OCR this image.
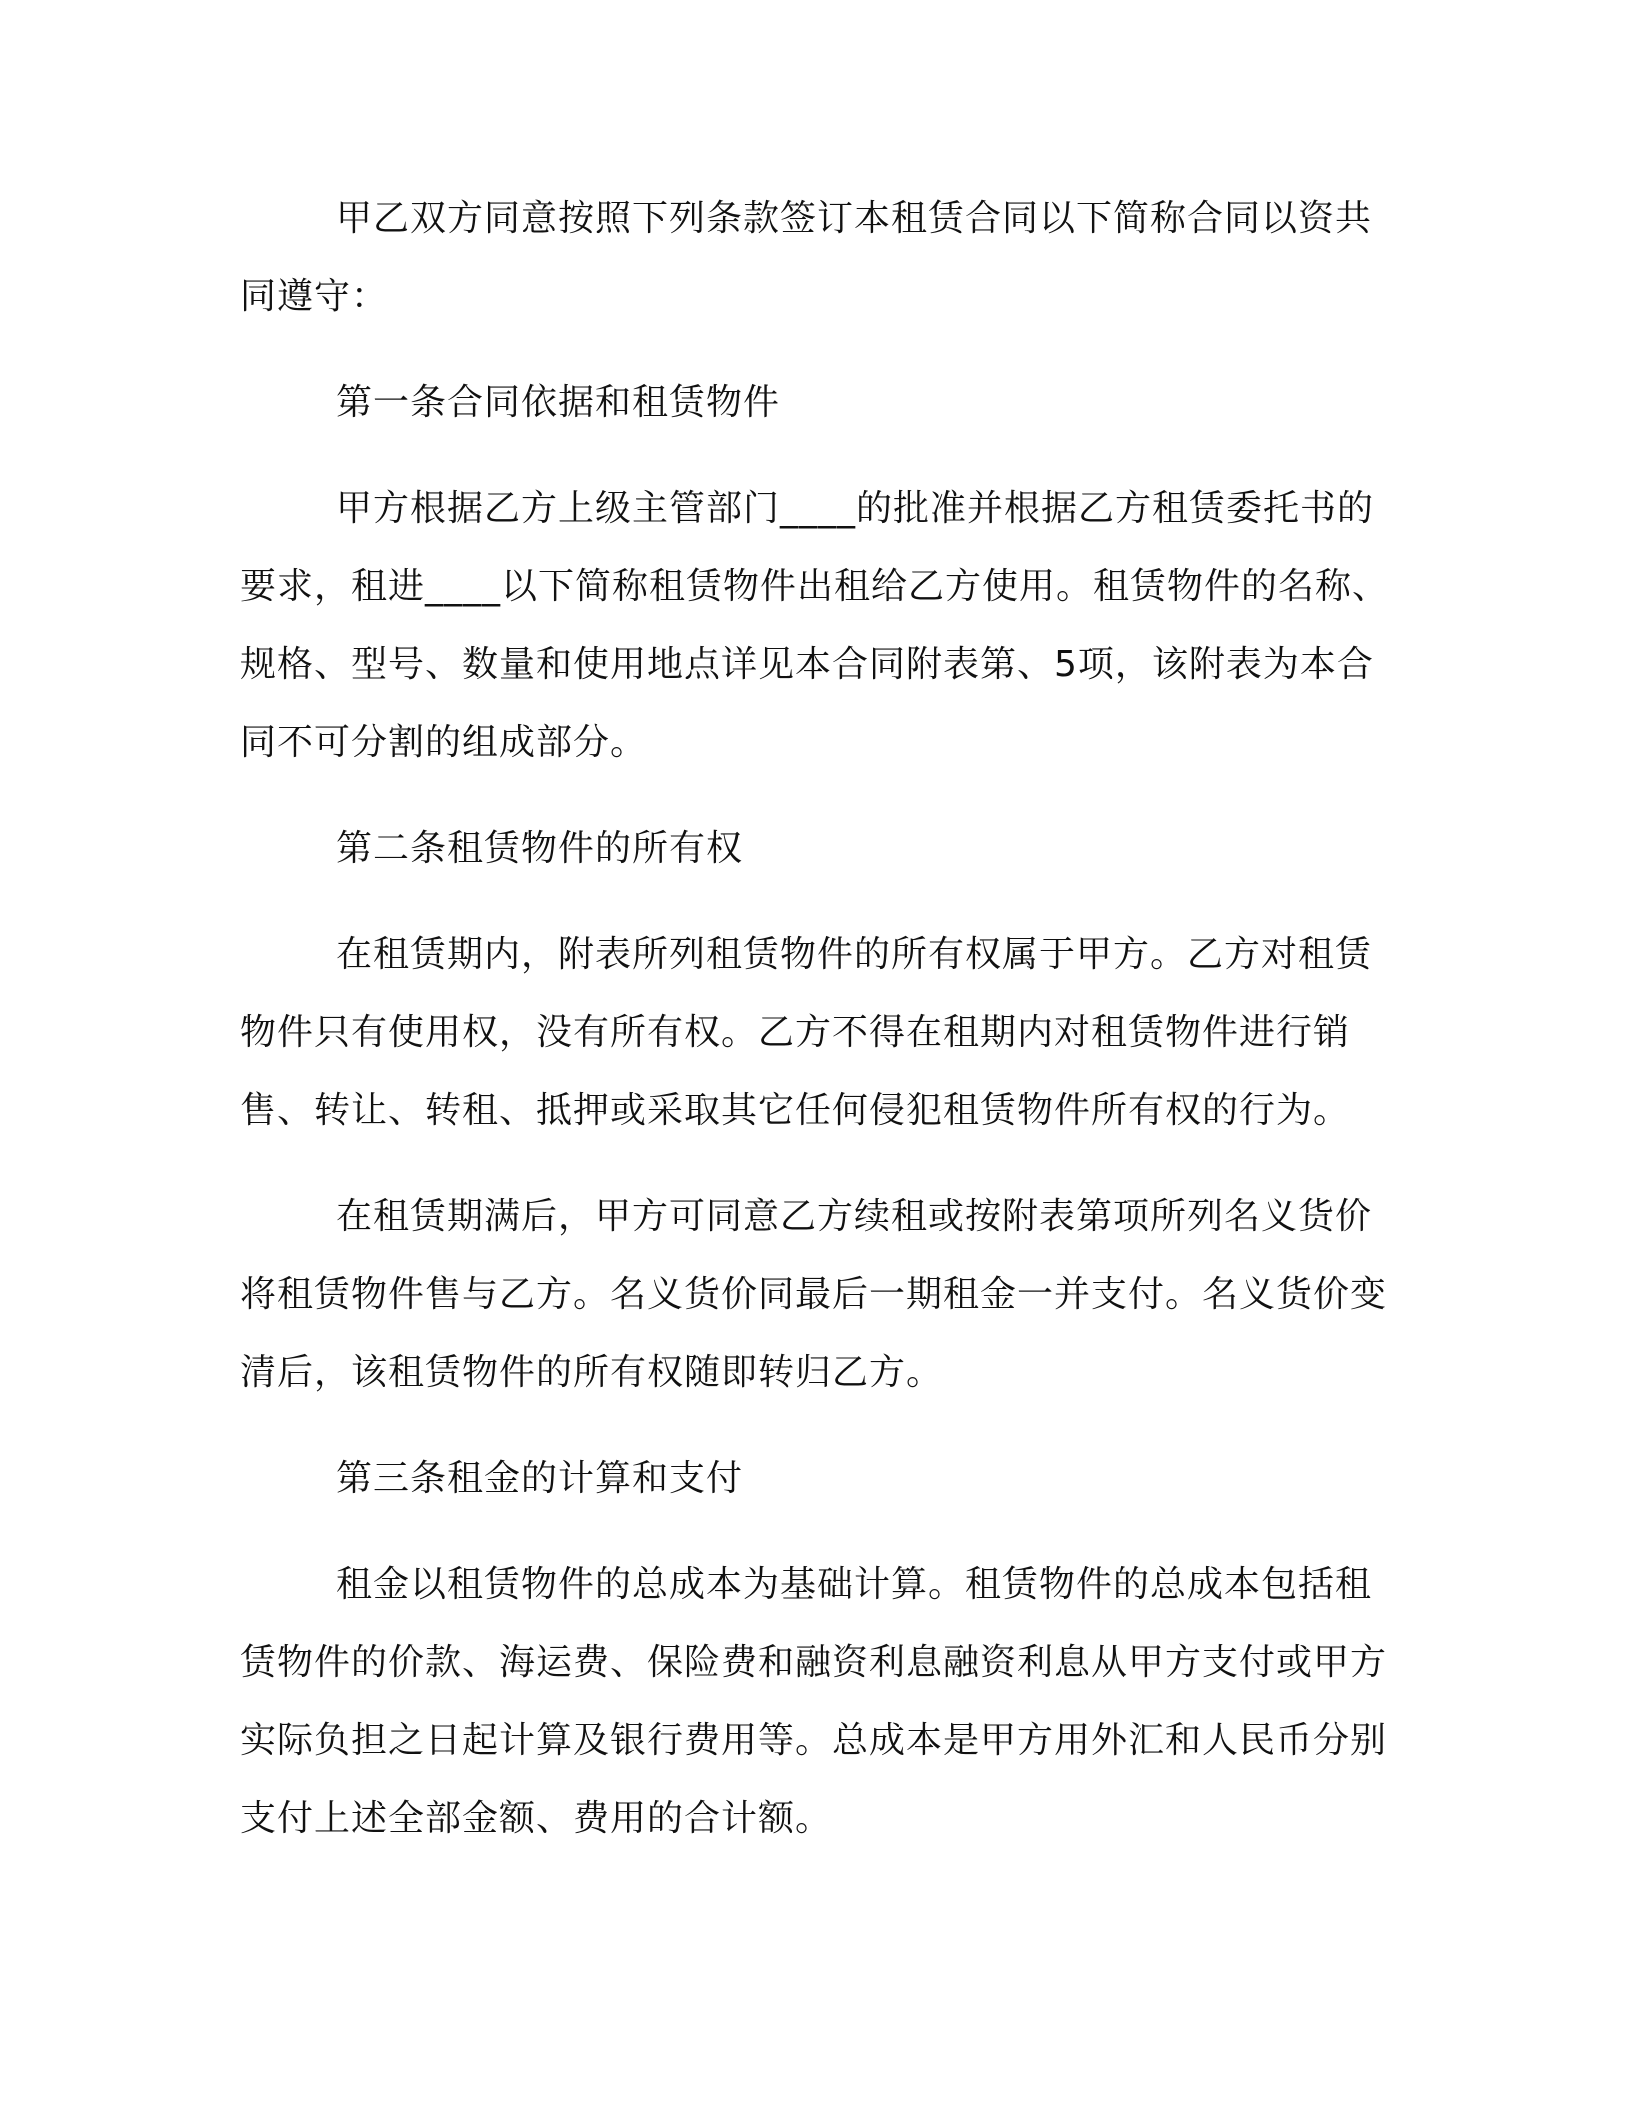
甲乙双方同意按照下列条款签订本租赁合同以下简称合同以资共同遵守：

第一条合同依据和租赁物件

甲方根据乙方上级主管部门____的批准并根据乙方租赁委托书的要求，租进____以下简称租赁物件出租给乙方使用。租赁物件的名称、规格、型号、数量和使用地点详见本合同附表第、5项，该附表为本合同不可分割的组成部分。

第二条租赁物件的所有权

在租赁期内，附表所列租赁物件的所有权属于甲方。乙方对租赁物件只有使用权，没有所有权。乙方不得在租期内对租赁物件进行销售、转让、转租、抵押或采取其它任何侵犯租赁物件所有权的行为。

在租赁期满后，甲方可同意乙方续租或按附表第项所列名义货价将租赁物件售与乙方。名义货价同最后一期租金一并支付。名义货价变清后，该租赁物件的所有权随即转归乙方。

第三条租金的计算和支付

租金以租赁物件的总成本为基础计算。租赁物件的总成本包括租赁物件的价款、海运费、保险费和融资利息融资利息从甲方支付或甲方实际负担之日起计算及银行费用等。总成本是甲方用外汇和人民币分别支付上述全部金额、费用的合计额。
